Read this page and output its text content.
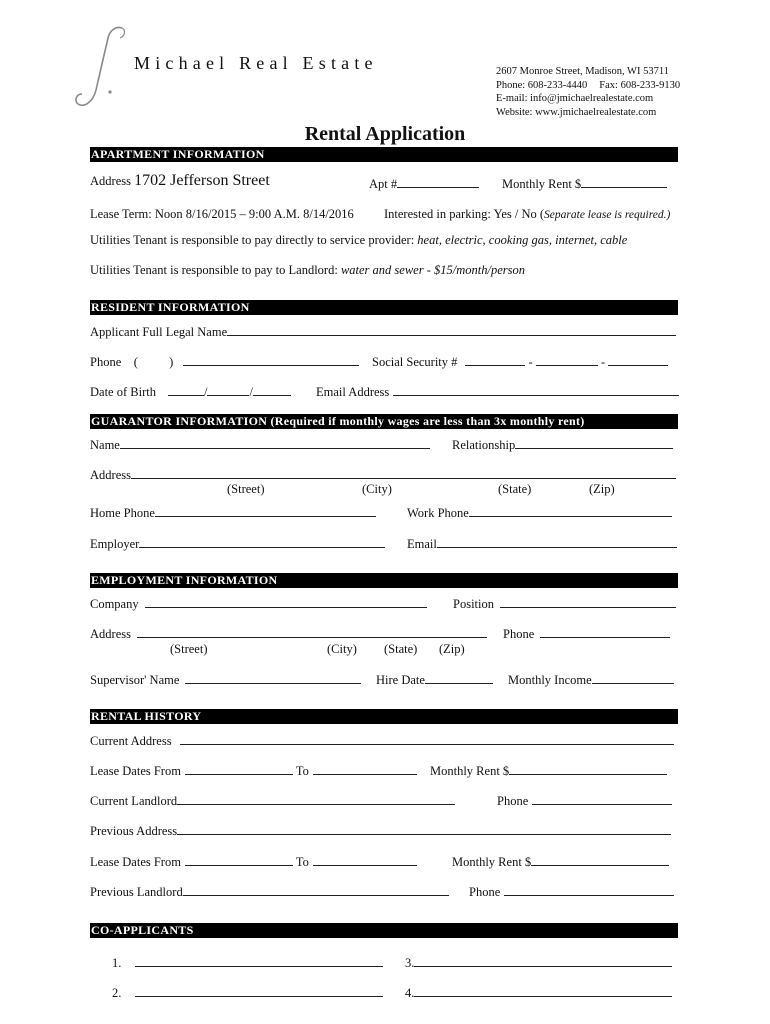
Michael Real Estate	2607 Monroe Street, Madison, WI 53711
Phone: 608-233-4440 Fax: 608-233-9130
E-mail: info@jmichaelrealestate.com
Website: www.jmichaelrealestate.com
Rental Application
APARTMENT INFORMATION
Address 1702 Jefferson Street	Apt #	Monthly Rent $
Lease Term: Noon 8/16/2015 – 9:00 A.M. 8/14/2016 Interested in parking: Yes / No (Separate lease is required.)
Utilities Tenant is responsible to pay directly to service provider: heat, electric, cooking gas, internet, cable
Utilities Tenant is responsible to pay to Landlord: water and sewer - $15/month/person
RESIDENT INFORMATION
Applicant Full Legal Name
Phone    (          )	Social Security #	-	-
Date of Birth	/	/	Email Address
GUARANTOR INFORMATION (Required if monthly wages are less than 3x monthly rent)
Name	Relationship
Address
(Street)	(City)	(State)	(Zip)
Home Phone	Work Phone
Employer	Email
EMPLOYMENT INFORMATION
Company	Position
Address	Phone
(Street)	(City) (State) (Zip)
Supervisor' Name	Hire Date	Monthly Income
RENTAL HISTORY
Current Address
Lease Dates From	To	Monthly Rent $
Current Landlord	Phone
Previous Address
Lease Dates From	To	Monthly Rent $
Previous Landlord	Phone
CO-APPLICANTS
1.	3.
2.	4.
